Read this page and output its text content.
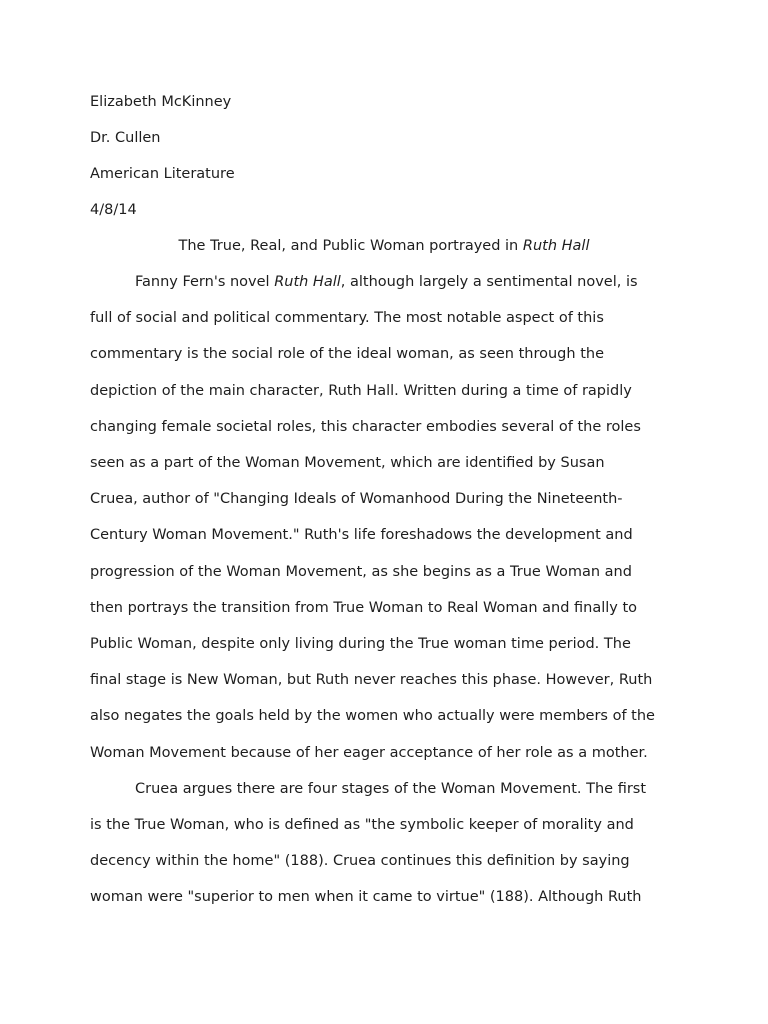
Elizabeth McKinney
Dr. Cullen
American Literature
4/8/14
The True, Real, and Public Woman portrayed in Ruth Hall
Fanny Fern's novel Ruth Hall, although largely a sentimental novel, is
full of social and political commentary. The most notable aspect of this
commentary is the social role of the ideal woman, as seen through the
depiction of the main character, Ruth Hall. Written during a time of rapidly
changing female societal roles, this character embodies several of the roles
seen as a part of the Woman Movement, which are identified by Susan
Cruea, author of "Changing Ideals of Womanhood During the Nineteenth-
Century Woman Movement." Ruth's life foreshadows the development and
progression of the Woman Movement, as she begins as a True Woman and
then portrays the transition from True Woman to Real Woman and finally to
Public Woman, despite only living during the True woman time period. The
final stage is New Woman, but Ruth never reaches this phase. However, Ruth
also negates the goals held by the women who actually were members of the
Woman Movement because of her eager acceptance of her role as a mother.
Cruea argues there are four stages of the Woman Movement. The first
is the True Woman, who is defined as "the symbolic keeper of morality and
decency within the home" (188). Cruea continues this definition by saying
woman were "superior to men when it came to virtue" (188). Although Ruth
